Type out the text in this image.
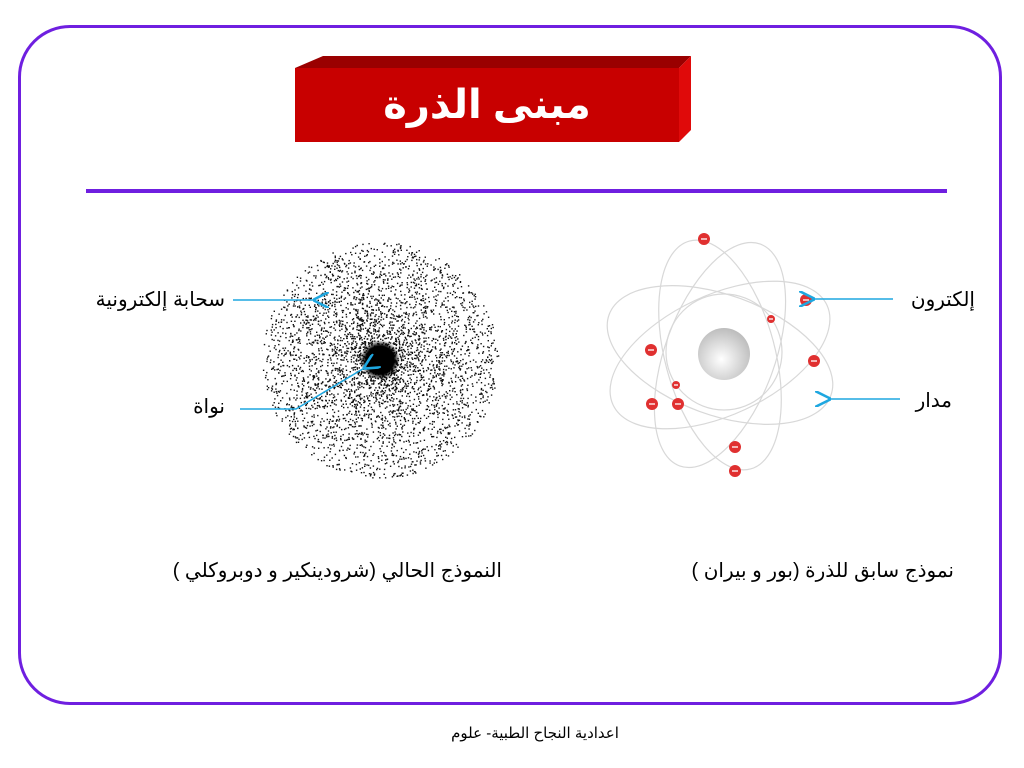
مبنى الذرة
سحابة إلكترونية
نواة
إلكترون
مدار
النموذج الحالي (شرودينكير و دوبروكلي )	نموذج سابق للذرة (بور و بيران )
اعدادية النجاح الطبية- علوم
